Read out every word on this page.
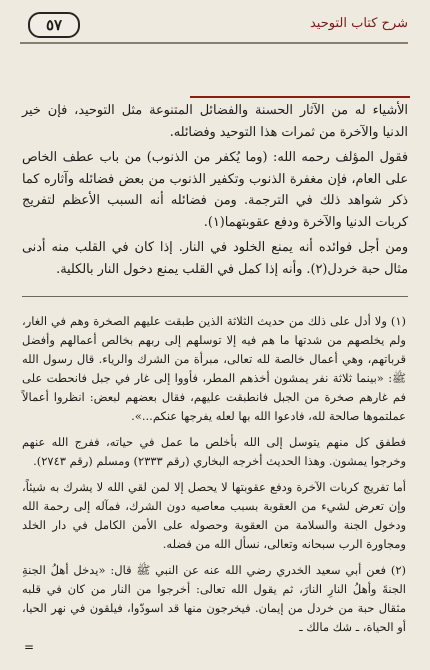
شرح كتاب التوحيد
٥٧

الأشياء له من الآثار الحسنة والفضائل المتنوعة مثل التوحيد، فإن خير الدنيا والآخرة من ثمرات هذا التوحيد وفضائله.

فقول المؤلف رحمه الله: (وما يُكفر من الذنوب) من باب عطف الخاص على العام، فإن مغفرة الذنوب وتكفير الذنوب من بعض فضائله وآثاره كما ذكر شواهد ذلك في الترجمة. ومن فضائله أنه السبب الأعظم لتفريج كربات الدنيا والآخرة ودفع عقوبتهما(١).

ومن أجل فوائده أنه يمنع الخلود في النار. إذا كان في القلب منه أدنى مثال حبة خردل(٢). وأنه إذا كمل في القلب يمنع دخول النار بالكلية.

(١) ولا أدل على ذلك من حديث الثلاثة الذين طبقت عليهم الصخرة وهم في الغار، ولم يخلصهم من شدتها ما هم فيه إلا توسلهم إلى ربهم بخالص أعمالهم وأفضل قرباتهم، وهي أعمال خالصة لله تعالى، مبرأة من الشرك والرياء. قال رسول الله ﷺ: «بينما ثلاثة نفر يمشون أخذهم المطر، فأووا إلى غار في جبل فانحطت على فم غارهم صخرة من الجبل فانطبقت عليهم، فقال بعضهم لبعض: انظروا أعمالاً عملتموها صالحة لله، فادعوا الله بها لعله يفرجها عنكم...».

فطفق كل منهم يتوسل إلى الله بأخلص ما عمل في حياته، ففرج الله عنهم وخرجوا يمشون. وهذا الحديث أخرجه البخاري (رقم ٢٣٣٣) ومسلم (رقم ٢٧٤٣).

أما تفريج كربات الآخرة ودفع عقوبتها لا يحصل إلا لمن لقي الله لا يشرك به شيئاً، وإن تعرض لشيء من العقوبة بسبب معاصيه دون الشرك، فمآله إلى رحمة الله ودخول الجنة والسلامة من العقوبة وحصوله على الأمن الكامل في دار الخلد ومجاورة الرب سبحانه وتعالى، نسأل الله من فضله.

(٢) فعن أبي سعيد الخدري رضي الله عنه عن النبي ﷺ قال: «يدخل أهلُ الجنةِ الجنةَ وأهلُ النارِ النارَ، ثم يقول الله تعالى: أخرجوا من النار من كان في قلبه مثقال حبة من خردل من إيمان. فيخرجون منها قد اسودّوا، فيلقون في نهر الحيا، أو الحياة، ـ شك مالك ـ

=
